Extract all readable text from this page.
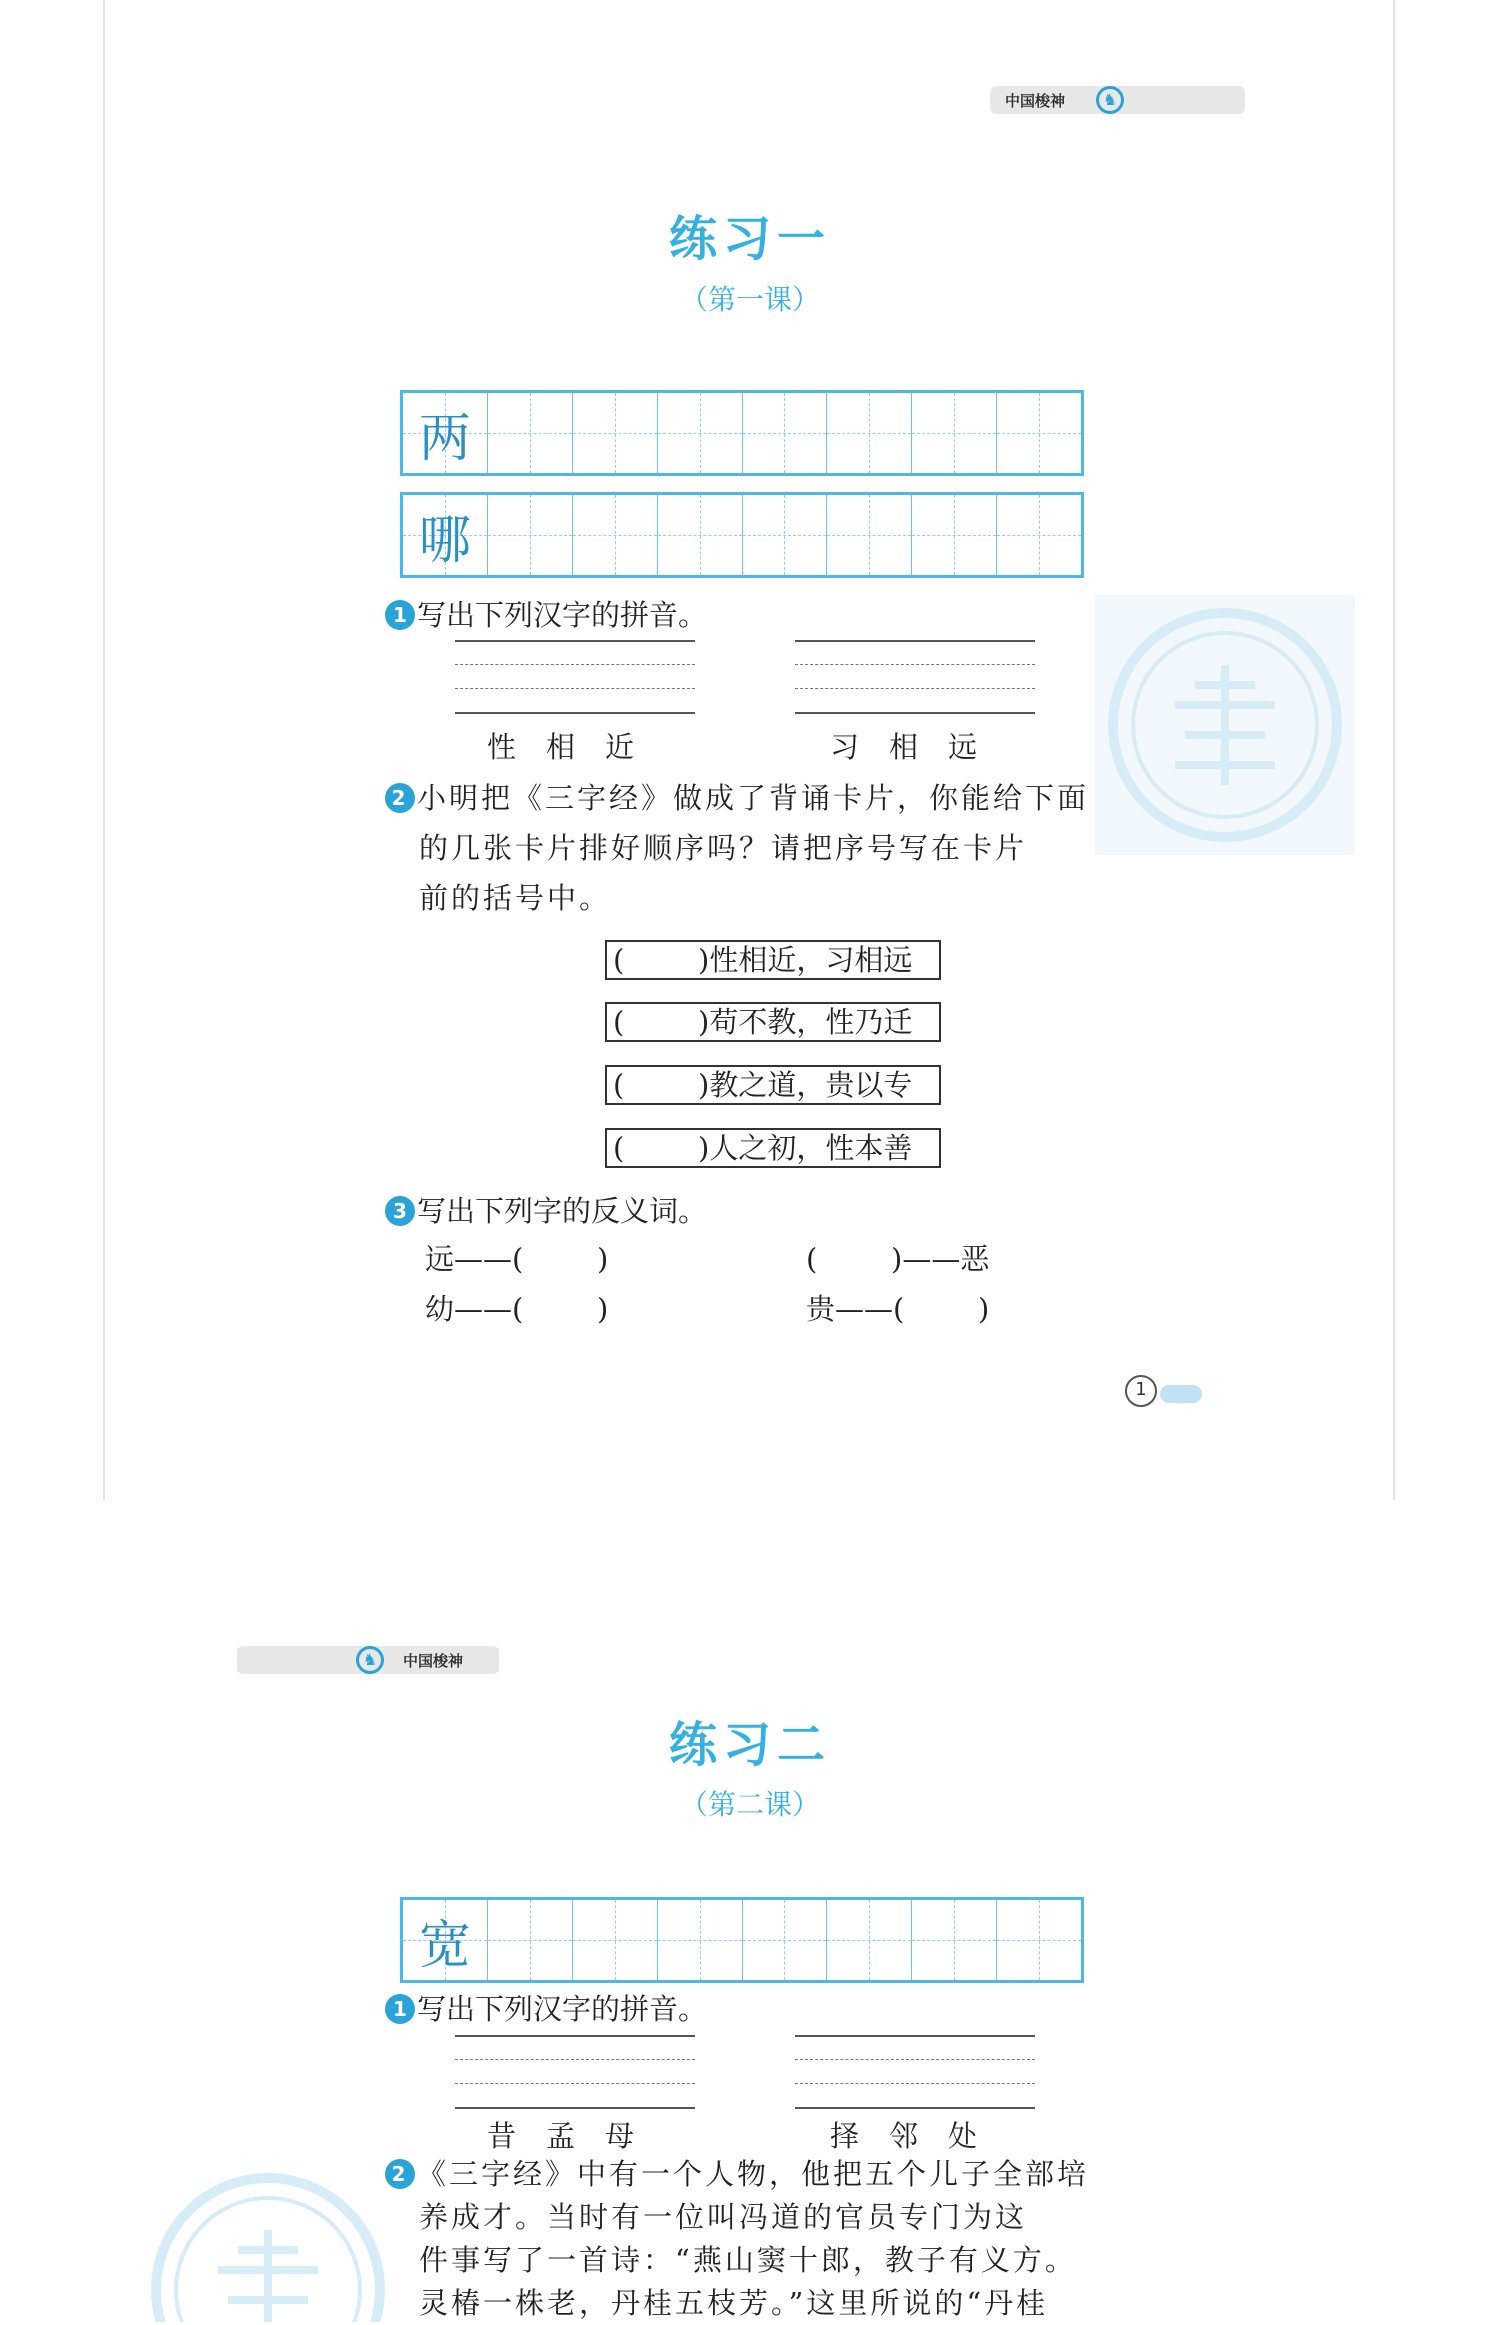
中国梭神	♞
练习一
（第一课）
两
哪
1 写出下列汉字的拼音。
性相近	习相远
2 小明把《三字经》做成了背诵卡片，你能给下面
的几张卡片排好顺序吗？请把序号写在卡片
前的括号中。
(        )性相近，习相远
(        )苟不教，性乃迁
(        )教之道，贵以专
(        )人之初，性本善
3 写出下列字的反义词。
远——(        )	(        )——恶
幼——(        )	贵——(        )
1
♞	中国梭神
练习二
（第二课）
宽
1 写出下列汉字的拼音。
昔孟母	择邻处
2 《三字经》中有一个人物，他把五个儿子全部培
养成才。当时有一位叫冯道的官员专门为这
件事写了一首诗：“燕山窦十郎，教子有义方。
灵椿一株老，丹桂五枝芳。”这里所说的“丹桂
